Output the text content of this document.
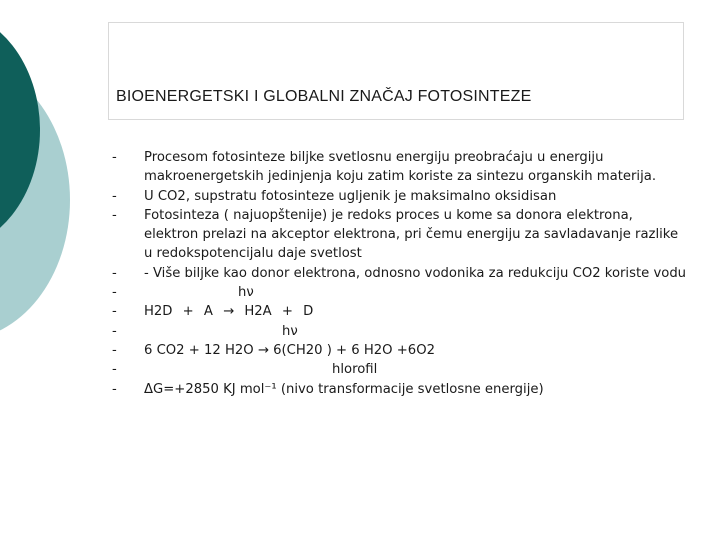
BIOENERGETSKI I GLOBALNI ZNAČAJ FOTOSINTEZE
- Procesom fotosinteze biljke svetlosnu energiju preobraćaju u energiju makroenergetskih jedinjenja koju zatim koriste za sintezu organskih materija.
- U CO2, supstratu fotosinteze ugljenik je maksimalno oksidisan
- Fotosinteza ( najuopštenije) je redoks proces u kome sa donora elektrona, elektron prelazi na akceptor elektrona, pri čemu energiju za savladavanje razlike u redokspotencijalu daje svetlost
- - Više biljke kao donor elektrona, odnosno vodonika za redukciju CO2 koriste vodu
-	hν
- H2D + A → H2A + D
-	hν
- 6 CO2 + 12 H2O → 6(CH20 ) + 6 H2O +6O2
-	hlorofil
- ΔG=+2850 KJ mol⁻¹ (nivo transformacije svetlosne energije)
